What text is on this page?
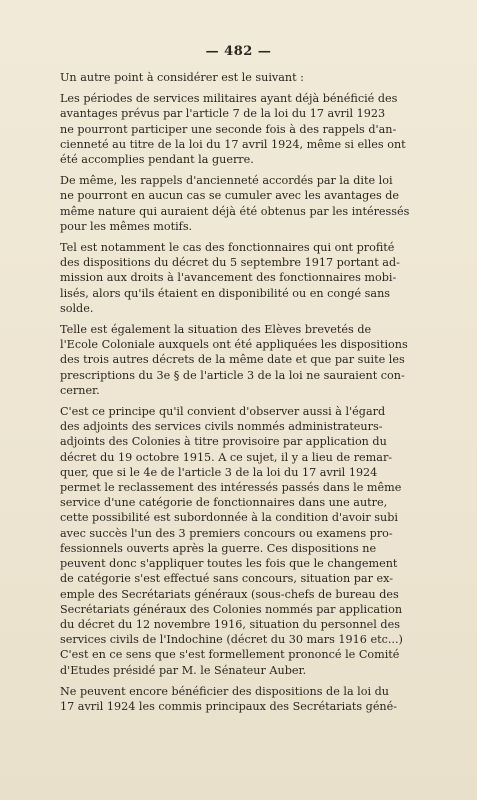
— 482 —
Un autre point à considérer est le suivant :
Les périodes de services militaires ayant déjà bénéficié des
avantages prévus par l'article 7 de la loi du 17 avril 1923
ne pourront participer une seconde fois à des rappels d'an-
cienneté au titre de la loi du 17 avril 1924, même si elles ont
été accomplies pendant la guerre.
De même, les rappels d'ancienneté accordés par la dite loi
ne pourront en aucun cas se cumuler avec les avantages de
même nature qui auraient déjà été obtenus par les intéressés
pour les mêmes motifs.
Tel est notamment le cas des fonctionnaires qui ont profité
des dispositions du décret du 5 septembre 1917 portant ad-
mission aux droits à l'avancement des fonctionnaires mobi-
lisés, alors qu'ils étaient en disponibilité ou en congé sans
solde.
Telle est également la situation des Elèves brevetés de
l'Ecole Coloniale auxquels ont été appliquées les dispositions
des trois autres décrets de la même date et que par suite les
prescriptions du 3e § de l'article 3 de la loi ne sauraient con-
cerner.
C'est ce principe qu'il convient d'observer aussi à l'égard
des adjoints des services civils nommés administrateurs-
adjoints des Colonies à titre provisoire par application du
décret du 19 octobre 1915. A ce sujet, il y a lieu de remar-
quer, que si le 4e de l'article 3 de la loi du 17 avril 1924
permet le reclassement des intéressés passés dans le même
service d'une catégorie de fonctionnaires dans une autre,
cette possibilité est subordonnée à la condition d'avoir subi
avec succès l'un des 3 premiers concours ou examens pro-
fessionnels ouverts après la guerre. Ces dispositions ne
peuvent donc s'appliquer toutes les fois que le changement
de catégorie s'est effectué sans concours, situation par ex-
emple des Secrétariats généraux (sous-chefs de bureau des
Secrétariats généraux des Colonies nommés par application
du décret du 12 novembre 1916, situation du personnel des
services civils de l'Indochine (décret du 30 mars 1916 etc...)
C'est en ce sens que s'est formellement prononcé le Comité
d'Etudes présidé par M. le Sénateur Auber.
Ne peuvent encore bénéficier des dispositions de la loi du
17 avril 1924 les commis principaux des Secrétariats géné-
